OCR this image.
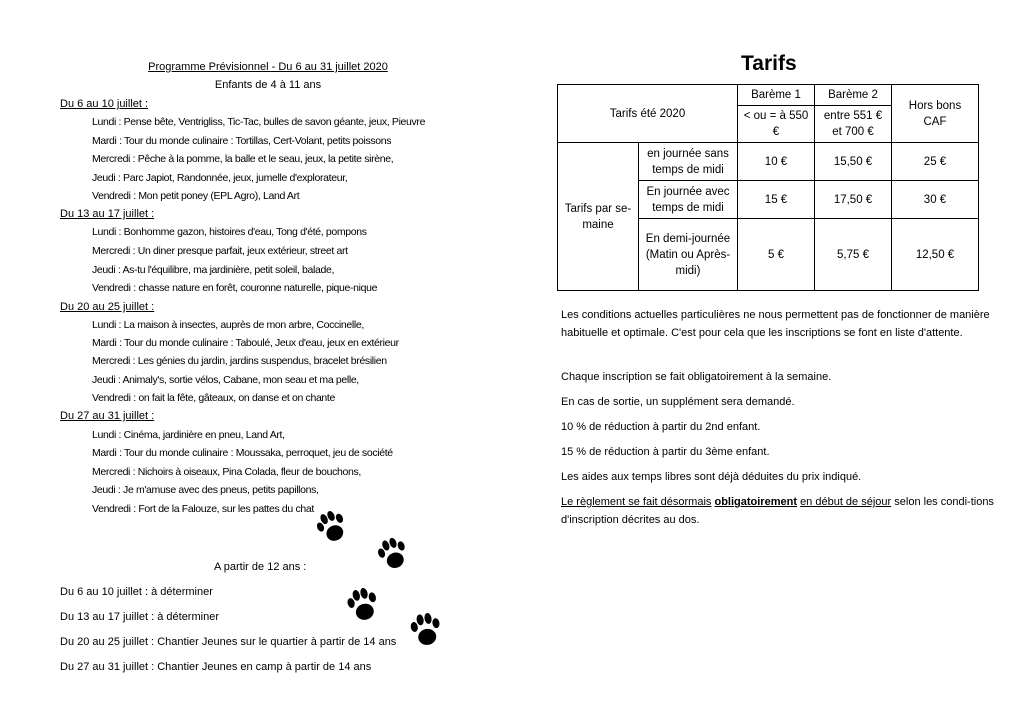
Programme Prévisionnel - Du 6 au 31 juillet 2020
Enfants de 4 à 11 ans
Du 6 au 10 juillet :
Lundi : Pense bête, Ventrigliss, Tic-Tac, bulles de savon géante, jeux, Pieuvre
Mardi : Tour du monde culinaire : Tortillas, Cert-Volant, petits poissons
Mercredi : Pêche à la pomme, la balle et le seau, jeux, la petite sirène,
Jeudi : Parc Japiot, Randonnée, jeux, jumelle d'explorateur,
Vendredi : Mon petit poney (EPL Agro), Land Art
Du 13 au 17 juillet :
Lundi : Bonhomme gazon, histoires d'eau, Tong d'été, pompons
Mercredi : Un diner presque parfait, jeux extérieur, street art
Jeudi : As-tu l'équilibre, ma jardinière, petit soleil, balade,
Vendredi : chasse nature en forêt, couronne naturelle, pique-nique
Du 20 au 25 juillet :
Lundi : La maison à insectes, auprès de mon arbre, Coccinelle,
Mardi : Tour du monde culinaire : Taboulé, Jeux d'eau, jeux en extérieur
Mercredi : Les génies du jardin, jardins suspendus, bracelet brésilien
Jeudi : Animaly's, sortie vélos, Cabane, mon seau et ma pelle,
Vendredi : on fait la fête, gâteaux, on danse et on chante
Du 27 au 31 juillet :
Lundi : Cinéma, jardinière en pneu, Land Art,
Mardi : Tour du monde culinaire : Moussaka, perroquet, jeu de société
Mercredi : Nichoirs à oiseaux, Pina Colada, fleur de bouchons,
Jeudi : Je m'amuse avec des pneus, petits papillons,
Vendredi : Fort de la Falouze, sur les pattes du chat
A partir de 12 ans :
Du 6 au 10 juillet : à déterminer
Du 13 au 17 juillet : à déterminer
Du 20 au 25 juillet : Chantier Jeunes sur le quartier à partir de 14 ans
Du 27 au 31 juillet : Chantier Jeunes en camp à partir de 14 ans
Tarifs
Tarifs été 2020		Barème 1	Barème 2	Hors bons CAF
		< ou = à 550 €	entre 551 € et 700 €	
Tarifs par se-maine	en journée sans temps de midi	10 €	15,50 €	25 €
	En journée avec temps de midi	15 €	17,50 €	30 €
	En demi-journée (Matin ou Après-midi)	5 €	5,75 €	12,50 €
Les conditions actuelles particulières ne nous permettent pas de fonctionner de manière habituelle et optimale. C'est pour cela que les inscriptions se font en liste d'attente.
Chaque inscription se fait obligatoirement à la semaine.
En cas de sortie, un supplément sera demandé.
10 % de réduction à partir du 2nd enfant.
15 % de réduction à partir du 3ème enfant.
Les aides aux temps libres sont déjà déduites du prix indiqué.
Le règlement se fait désormais obligatoirement en début de séjour selon les condi-tions d'inscription décrites au dos.
